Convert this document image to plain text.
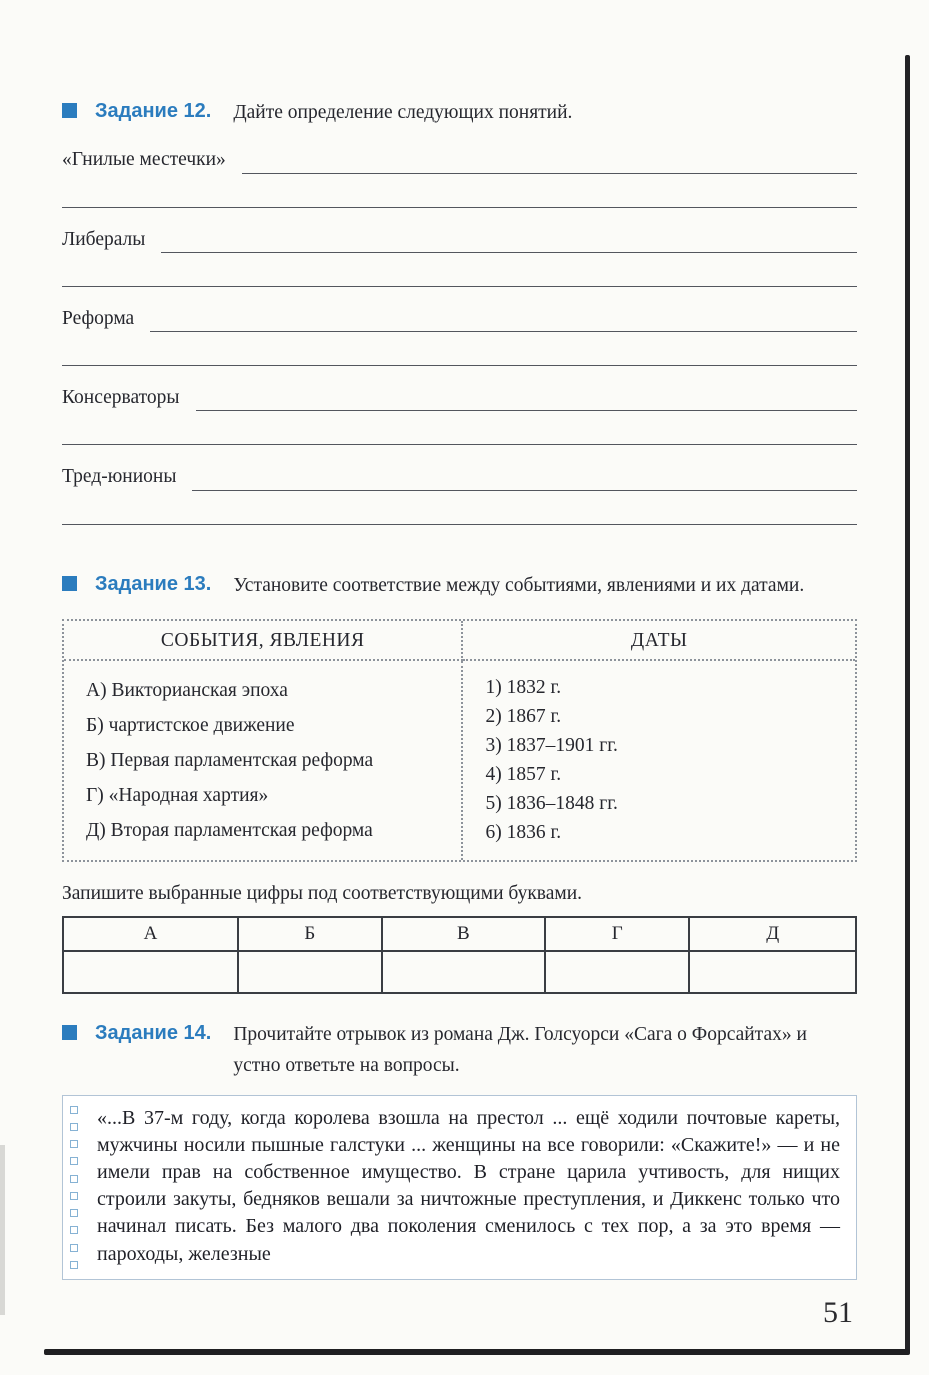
Задание 12. Дайте определение следующих понятий.
«Гнилые местечки»
Либералы
Реформа
Консерваторы
Тред-юнионы
Задание 13. Установите соответствие между событиями, явлениями и их датами.
СОБЫТИЯ, ЯВЛЕНИЯ	ДАТЫ
А) Викторианская эпоха
Б) чартистское движение
В) Первая парламентская реформа
Г) «Народная хартия»
Д) Вторая парламентская реформа
1) 1832 г.
2) 1867 г.
3) 1837–1901 гг.
4) 1857 г.
5) 1836–1848 гг.
6) 1836 г.
Запишите выбранные цифры под соответствующими буквами.
А	Б	В	Г	Д

Задание 14. Прочитайте отрывок из романа Дж. Голсуорси «Сага о Форсайтах» и устно ответьте на вопросы.
«...В 37-м году, когда королева взошла на престол ... ещё ходили почтовые кареты, мужчины носили пышные галстуки ... женщины на все говорили: «Скажите!» — и не имели прав на собственное имущество. В стране царила учтивость, для нищих строили закуты, бедняков вешали за ничтожные преступления, и Диккенс только что начинал писать. Без малого два поколения сменилось с тех пор, а за это время — пароходы, железные
51
